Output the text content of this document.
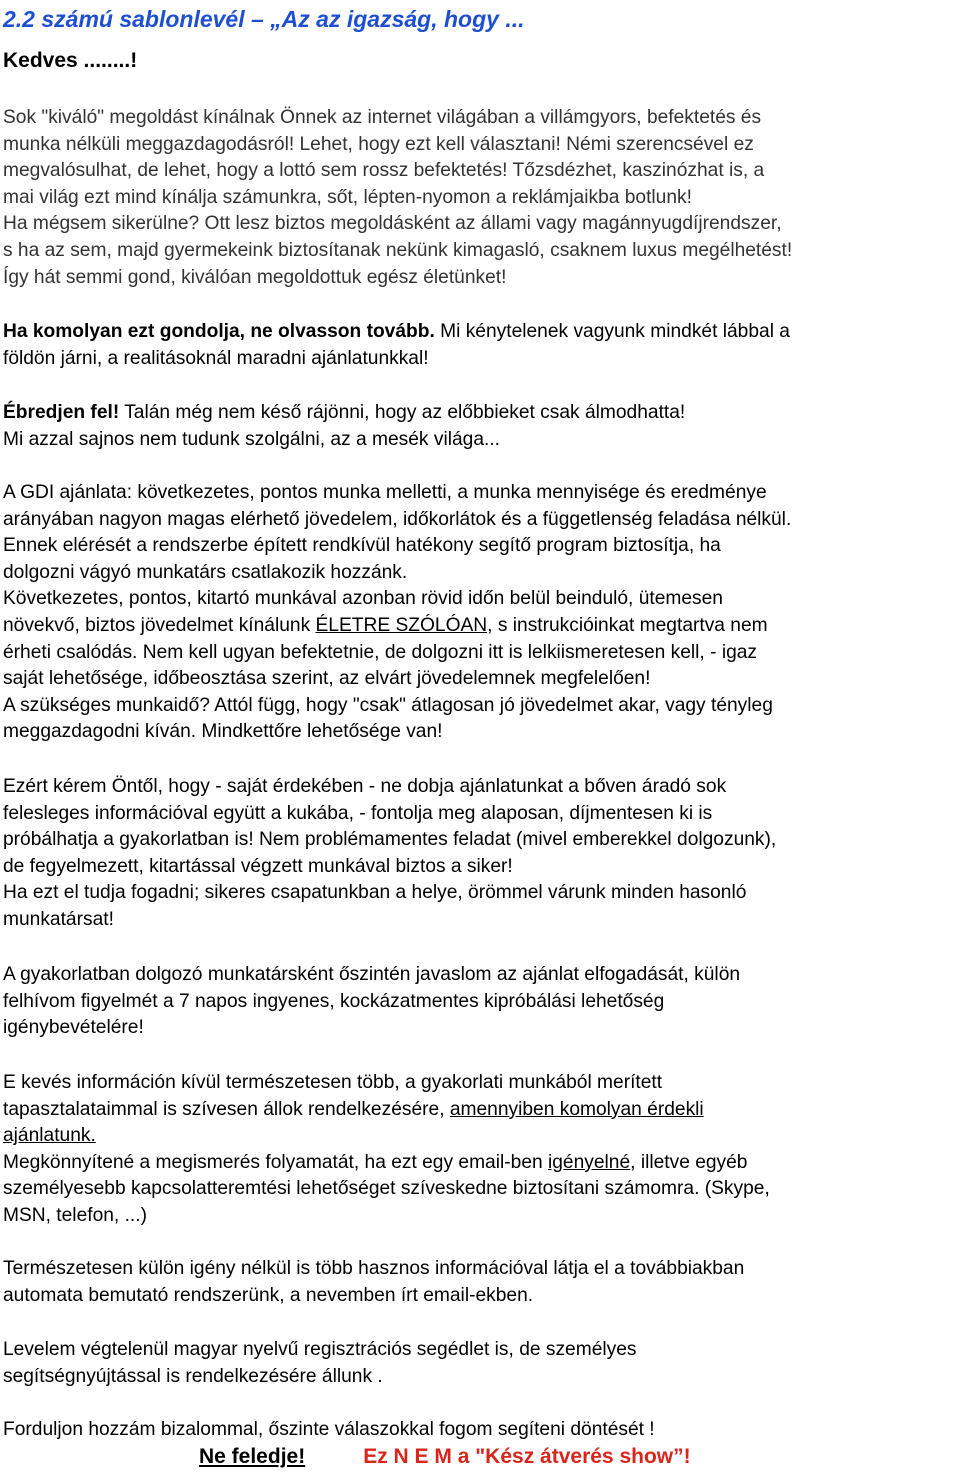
2.2 számú sablonlevél – „Az az igazság, hogy ...
Kedves ........!
Sok "kiváló" megoldást kínálnak Önnek az internet világában a villámgyors, befektetés és
munka nélküli meggazdagodásról! Lehet, hogy ezt kell választani! Némi szerencsével ez
megvalósulhat, de lehet, hogy a lottó sem rossz befektetés! Tőzsdézhet, kaszinózhat is, a
mai világ ezt mind kínálja számunkra, sőt, lépten-nyomon a reklámjaikba botlunk!
Ha mégsem sikerülne? Ott lesz biztos megoldásként az állami vagy magánnyugdíjrendszer,
s ha az sem, majd gyermekeink biztosítanak nekünk kimagasló, csaknem luxus megélhetést!
Így hát semmi gond, kiválóan megoldottuk egész életünket!
Ha komolyan ezt gondolja, ne olvasson tovább. Mi kénytelenek vagyunk mindkét lábbal a
földön járni, a realitásoknál maradni ajánlatunkkal!
Ébredjen fel! Talán még nem késő rájönni, hogy az előbbieket csak álmodhatta!
Mi azzal sajnos nem tudunk szolgálni, az a mesék világa...
A GDI ajánlata: következetes, pontos munka melletti, a munka mennyisége és eredménye
arányában nagyon magas elérhető jövedelem, időkorlátok és a függetlenség feladása nélkül.
Ennek elérését a rendszerbe épített rendkívül hatékony segítő program biztosítja, ha
dolgozni vágyó munkatárs csatlakozik hozzánk.
Következetes, pontos, kitartó munkával azonban rövid időn belül beinduló, ütemesen
növekvő, biztos jövedelmet kínálunk ÉLETRE SZÓLÓAN, s instrukcióinkat megtartva nem
érheti csalódás. Nem kell ugyan befektetnie, de dolgozni itt is lelkiismeretesen kell, - igaz
saját lehetősége, időbeosztása szerint, az elvárt jövedelemnek megfelelően!
A szükséges munkaidő? Attól függ, hogy "csak" átlagosan jó jövedelmet akar, vagy tényleg
meggazdagodni kíván. Mindkettőre lehetősége van!
Ezért kérem Öntől, hogy - saját érdekében - ne dobja ajánlatunkat a bőven áradó sok
felesleges információval együtt a kukába, - fontolja meg alaposan, díjmentesen ki is
próbálhatja a gyakorlatban is! Nem problémamentes feladat (mivel emberekkel dolgozunk),
de fegyelmezett, kitartással végzett munkával biztos a siker!
Ha ezt el tudja fogadni; sikeres csapatunkban a helye, örömmel várunk minden hasonló
munkatársat!
A gyakorlatban dolgozó munkatársként őszintén javaslom az ajánlat elfogadását, külön
felhívom figyelmét a 7 napos ingyenes, kockázatmentes kipróbálási lehetőség
igénybevételére!
E kevés információn kívül természetesen több, a gyakorlati munkából merített
tapasztalataimmal is szívesen állok rendelkezésére, amennyiben komolyan érdekli
ajánlatunk.
Megkönnyítené a megismerés folyamatát, ha ezt egy email-ben igényelné, illetve egyéb
személyesebb kapcsolatteremtési lehetőséget szíveskedne biztosítani számomra. (Skype,
MSN, telefon, ...)
Természetesen külön igény nélkül is több hasznos információval látja el a továbbiakban
automata bemutató rendszerünk, a nevemben írt email-ekben.
Levelem végtelenül magyar nyelvű regisztrációs segédlet is, de személyes
segítségnyújtással is rendelkezésére állunk .
Forduljon hozzám bizalommal, őszinte válaszokkal fogom segíteni döntését !
Ne feledje!	Ez N E M a "Kész átverés show”!
